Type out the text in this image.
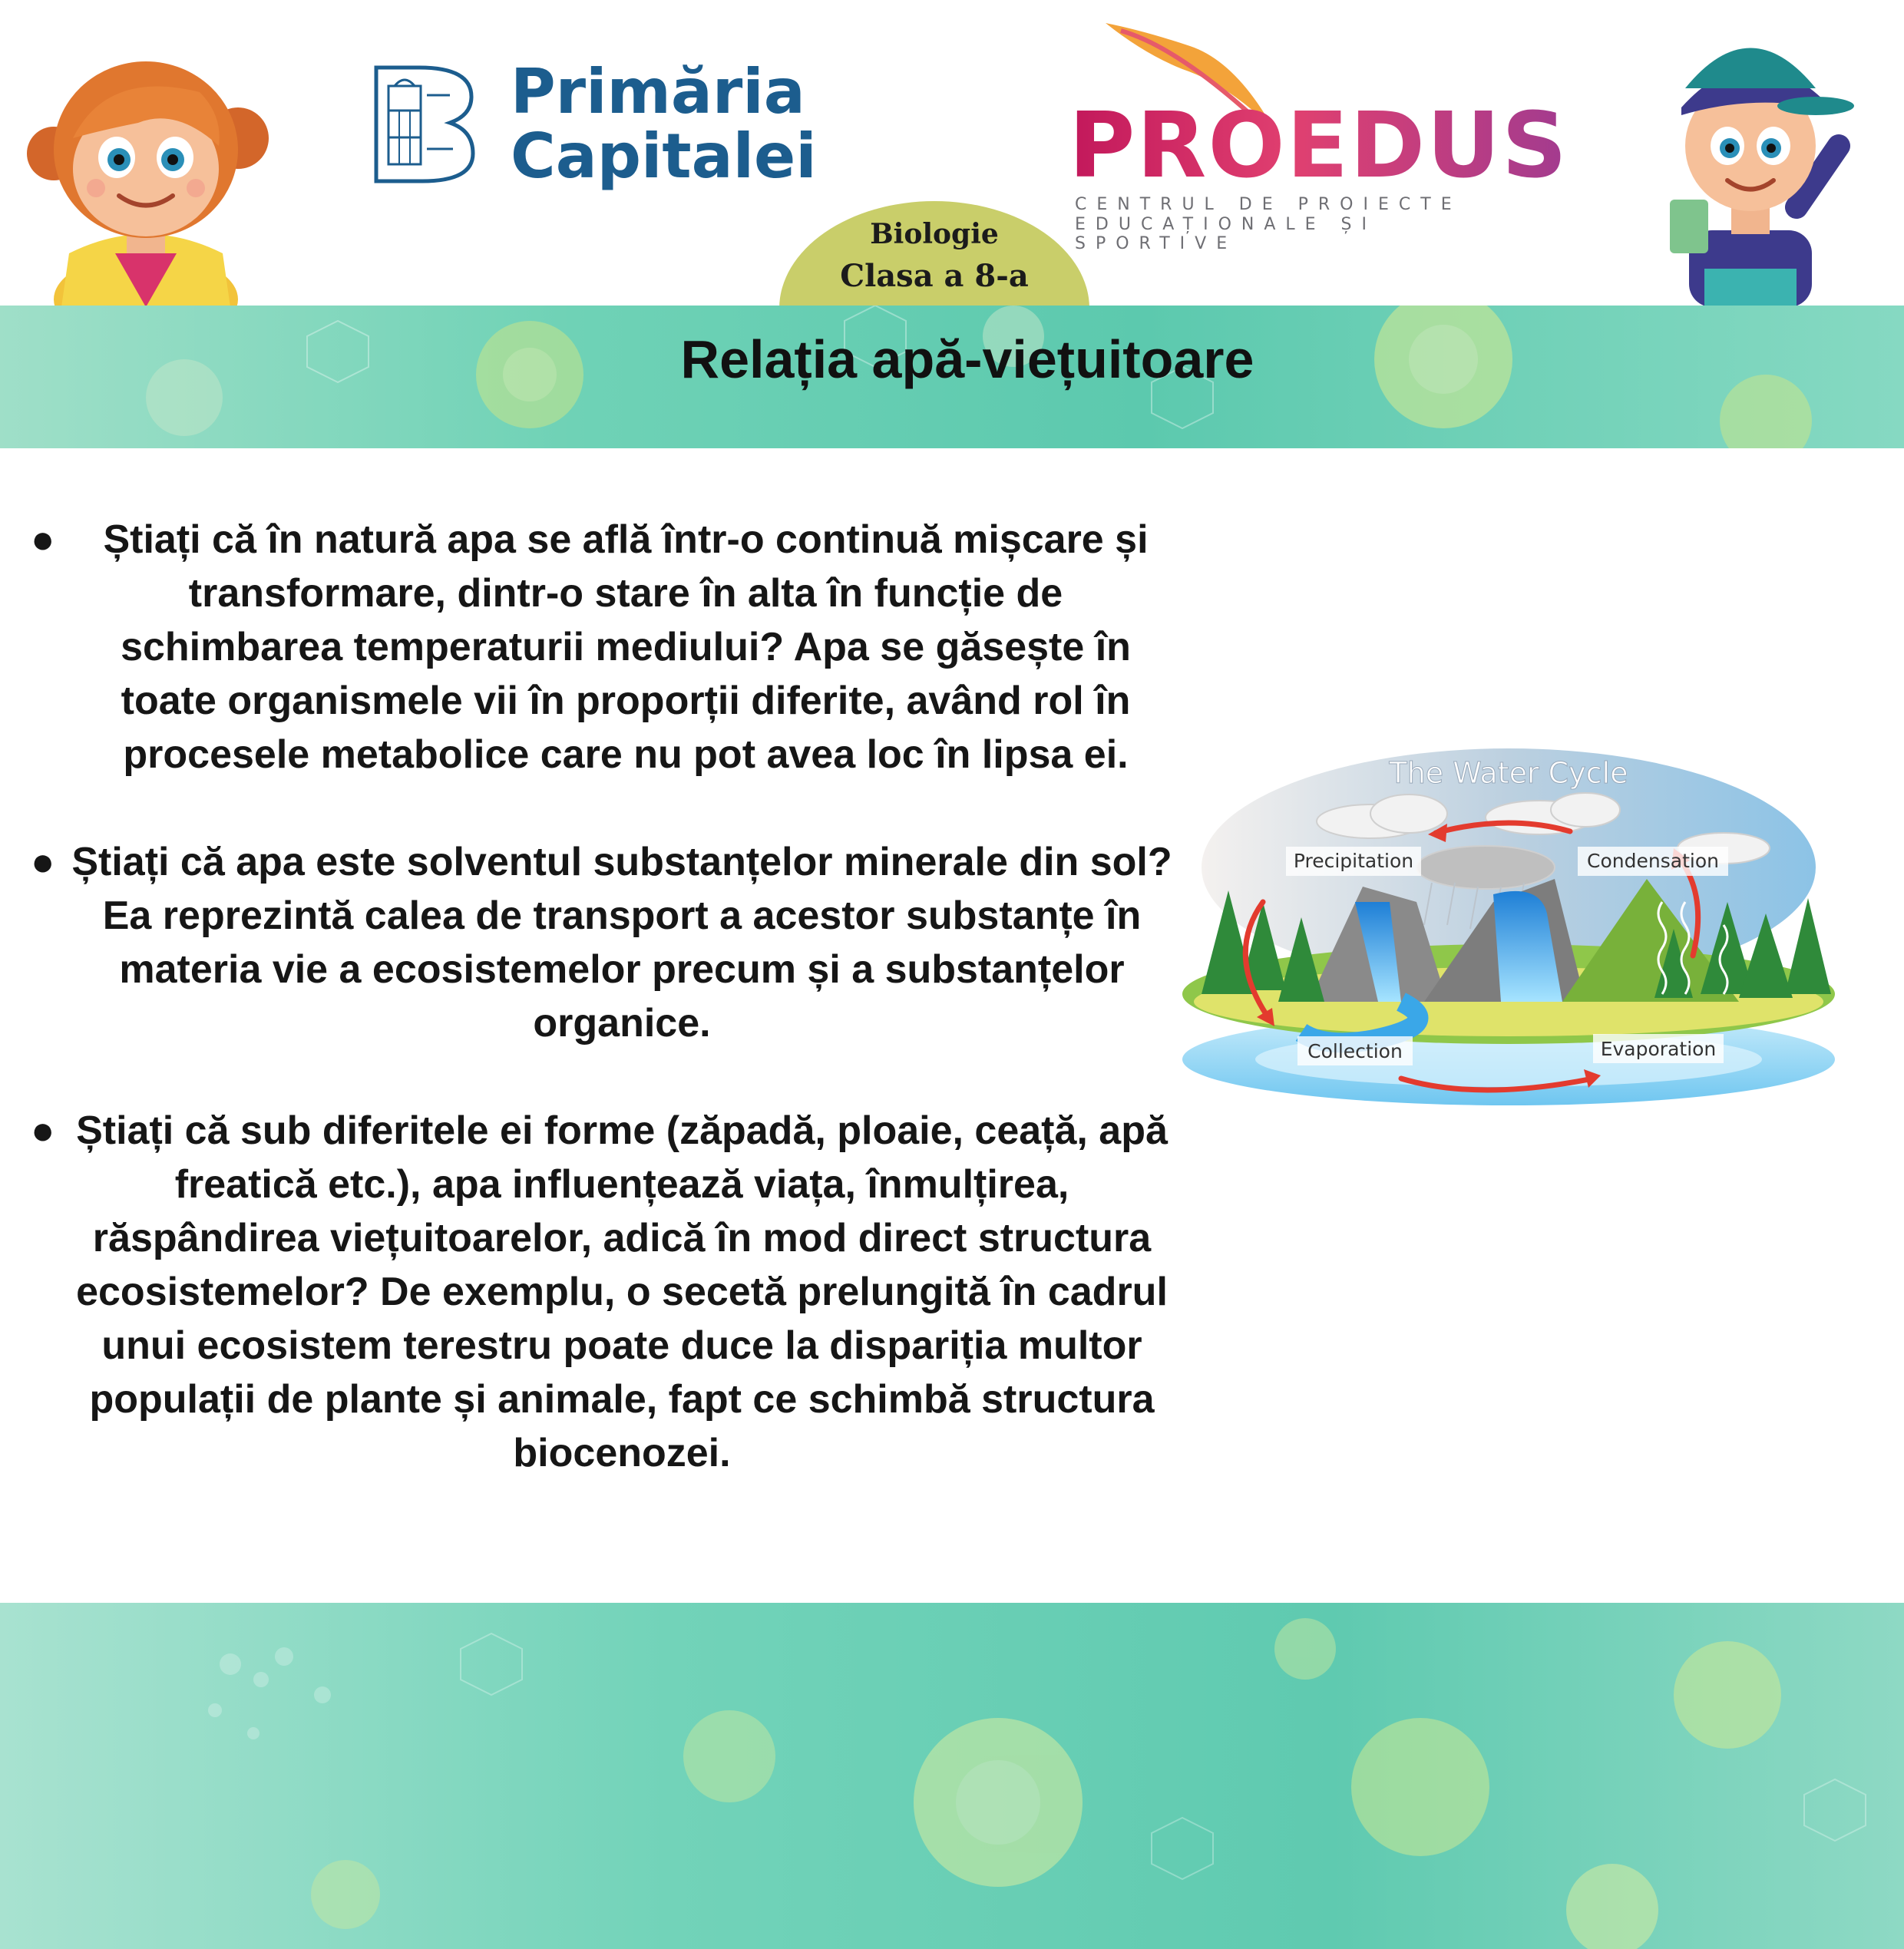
Primăria
Capitalei	PROEDUS
CENTRUL DE PROIECTE
EDUCAȚIONALE ȘI SPORTIVE
Biologie
Clasa a 8-a
Relația apă-viețuitoare
● Știați că în natură apa se află într-o continuă mișcare și transformare, dintr-o stare în alta în funcție de schimbarea temperaturii mediului? Apa se găsește în toate organismele vii în proporții diferite, având rol în procesele metabolice care nu pot avea loc în lipsa ei.
● Știați că apa este solventul substanțelor minerale din sol? Ea reprezintă calea de transport a acestor substanțe în materia vie a ecosistemelor precum și a substanțelor organice.
● Știați că sub diferitele ei forme (zăpadă, ploaie, ceață, apă freatică etc.), apa influențează viața, înmulțirea, răspândirea viețuitoarelor, adică în mod direct structura ecosistemelor? De exemplu, o secetă prelungită în cadrul unui ecosistem terestru poate duce la dispariția multor populații de plante și animale, fapt ce schimbă structura biocenozei.
The Water Cycle
Precipitation	Condensation
Collection	Evaporation
